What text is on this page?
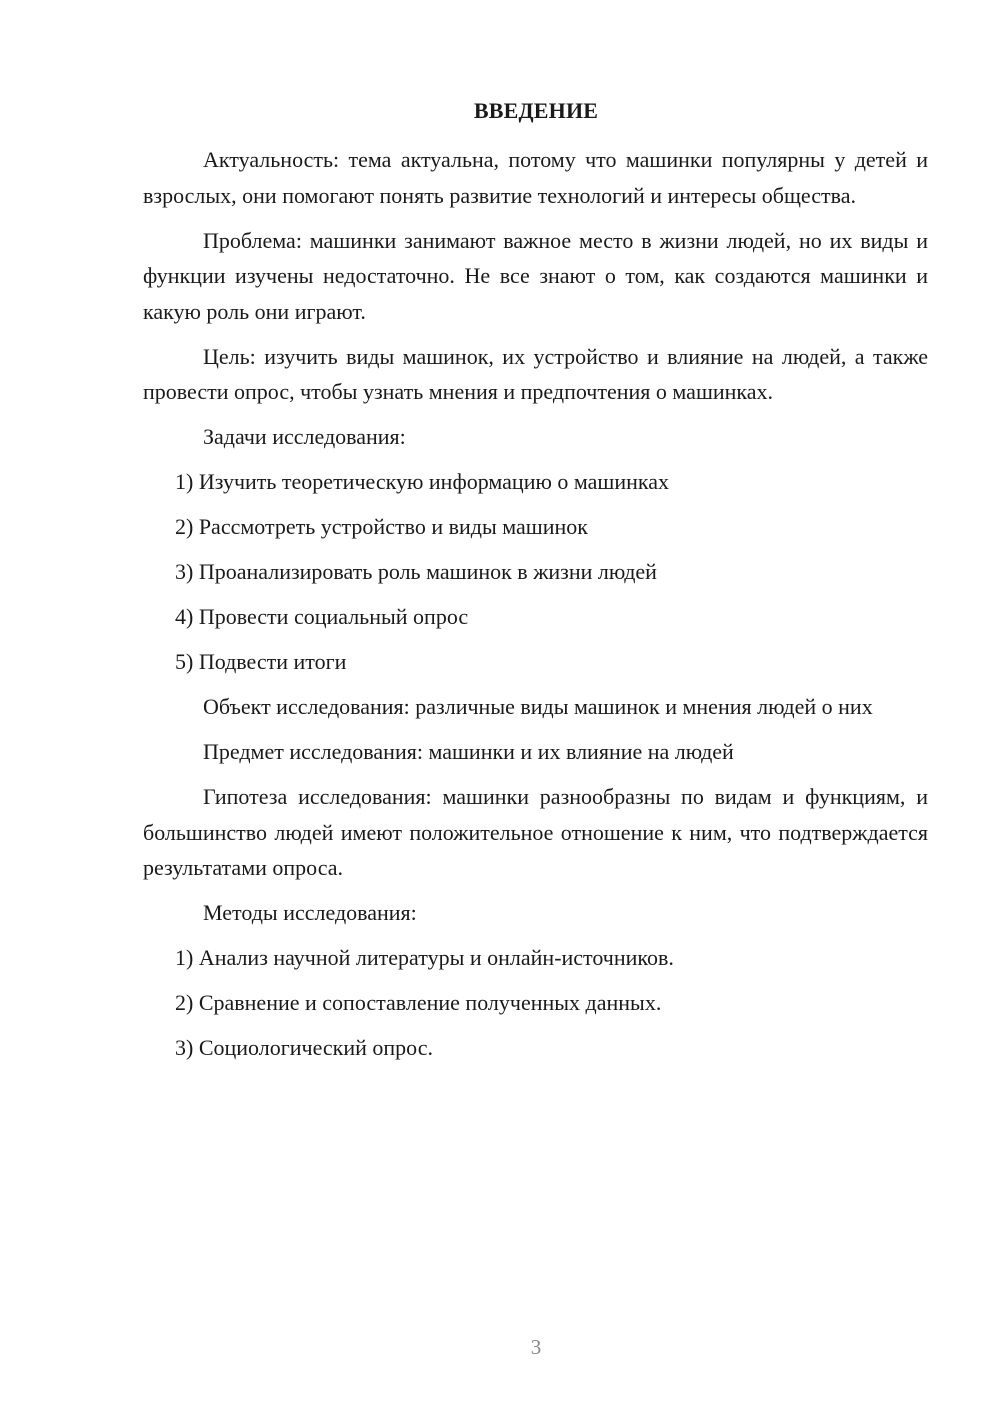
ВВЕДЕНИЕ

Актуальность: тема актуальна, потому что машинки популярны у детей и взрослых, они помогают понять развитие технологий и интересы общества.

Проблема: машинки занимают важное место в жизни людей, но их виды и функции изучены недостаточно. Не все знают о том, как создаются машинки и какую роль они играют.

Цель: изучить виды машинок, их устройство и влияние на людей, а также провести опрос, чтобы узнать мнения и предпочтения о машинках.

Задачи исследования:

1) Изучить теоретическую информацию о машинках

2) Рассмотреть устройство и виды машинок

3) Проанализировать роль машинок в жизни людей

4) Провести социальный опрос

5) Подвести итоги

Объект исследования: различные виды машинок и мнения людей о них

Предмет исследования: машинки и их влияние на людей

Гипотеза исследования: машинки разнообразны по видам и функциям, и большинство людей имеют положительное отношение к ним, что подтверждается результатами опроса.

Методы исследования:

1) Анализ научной литературы и онлайн-источников.

2) Сравнение и сопоставление полученных данных.

3) Социологический опрос.

3
